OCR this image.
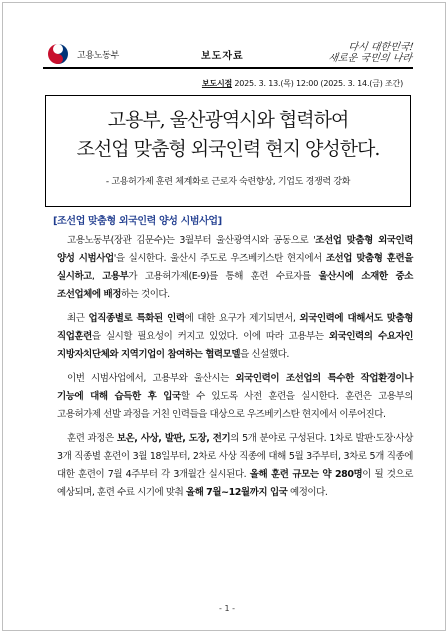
고용노동부	보도자료
다시 대한민국!
새로운 국민의 나라
보도시점 2025. 3. 13.(목) 12:00 (2025. 3. 14.(금) 조간)
고용부, 울산광역시와 협력하여
조선업 맞춤형 외국인력 현지 양성한다.
- 고용허가제 훈련 체계화로 근로자 숙련향상, 기업도 경쟁력 강화
[조선업 맞춤형 외국인력 양성 시범사업]

고용노동부(장관 김문수)는 3월부터 울산광역시와 공동으로 '조선업 맞춤형 외국인력 양성 시범사업'을 실시한다. 울산시 주도로 우즈베키스탄 현지에서 조선업 맞춤형 훈련을 실시하고, 고용부가 고용허가제(E-9)를 통해 훈련 수료자를 울산시에 소재한 중소 조선업체에 배정하는 것이다.

최근 업직종별로 특화된 인력에 대한 요구가 제기되면서, 외국인력에 대해서도 맞춤형 직업훈련을 실시할 필요성이 커지고 있었다. 이에 따라 고용부는 외국인력의 수요자인 지방자치단체와 지역기업이 참여하는 협력모델을 신설했다.

이번 시범사업에서, 고용부와 울산시는 외국인력이 조선업의 특수한 작업환경이나 기능에 대해 습득한 후 입국할 수 있도록 사전 훈련을 실시한다. 훈련은 고용부의 고용허가제 선발 과정을 거친 인력들을 대상으로 우즈베키스탄 현지에서 이루어진다.

훈련 과정은 보온, 사상, 발판, 도장, 전기의 5개 분야로 구성된다. 1차로 발판·도장·사상 3개 직종별 훈련이 3월 18일부터, 2차로 사상 직종에 대해 5월 3주부터, 3차로 5개 직종에 대한 훈련이 7월 4주부터 각 3개월간 실시된다. 올해 훈련 규모는 약 280명이 될 것으로 예상되며, 훈련 수료 시기에 맞춰 올해 7월~12월까지 입국 예정이다.

- 1 -
